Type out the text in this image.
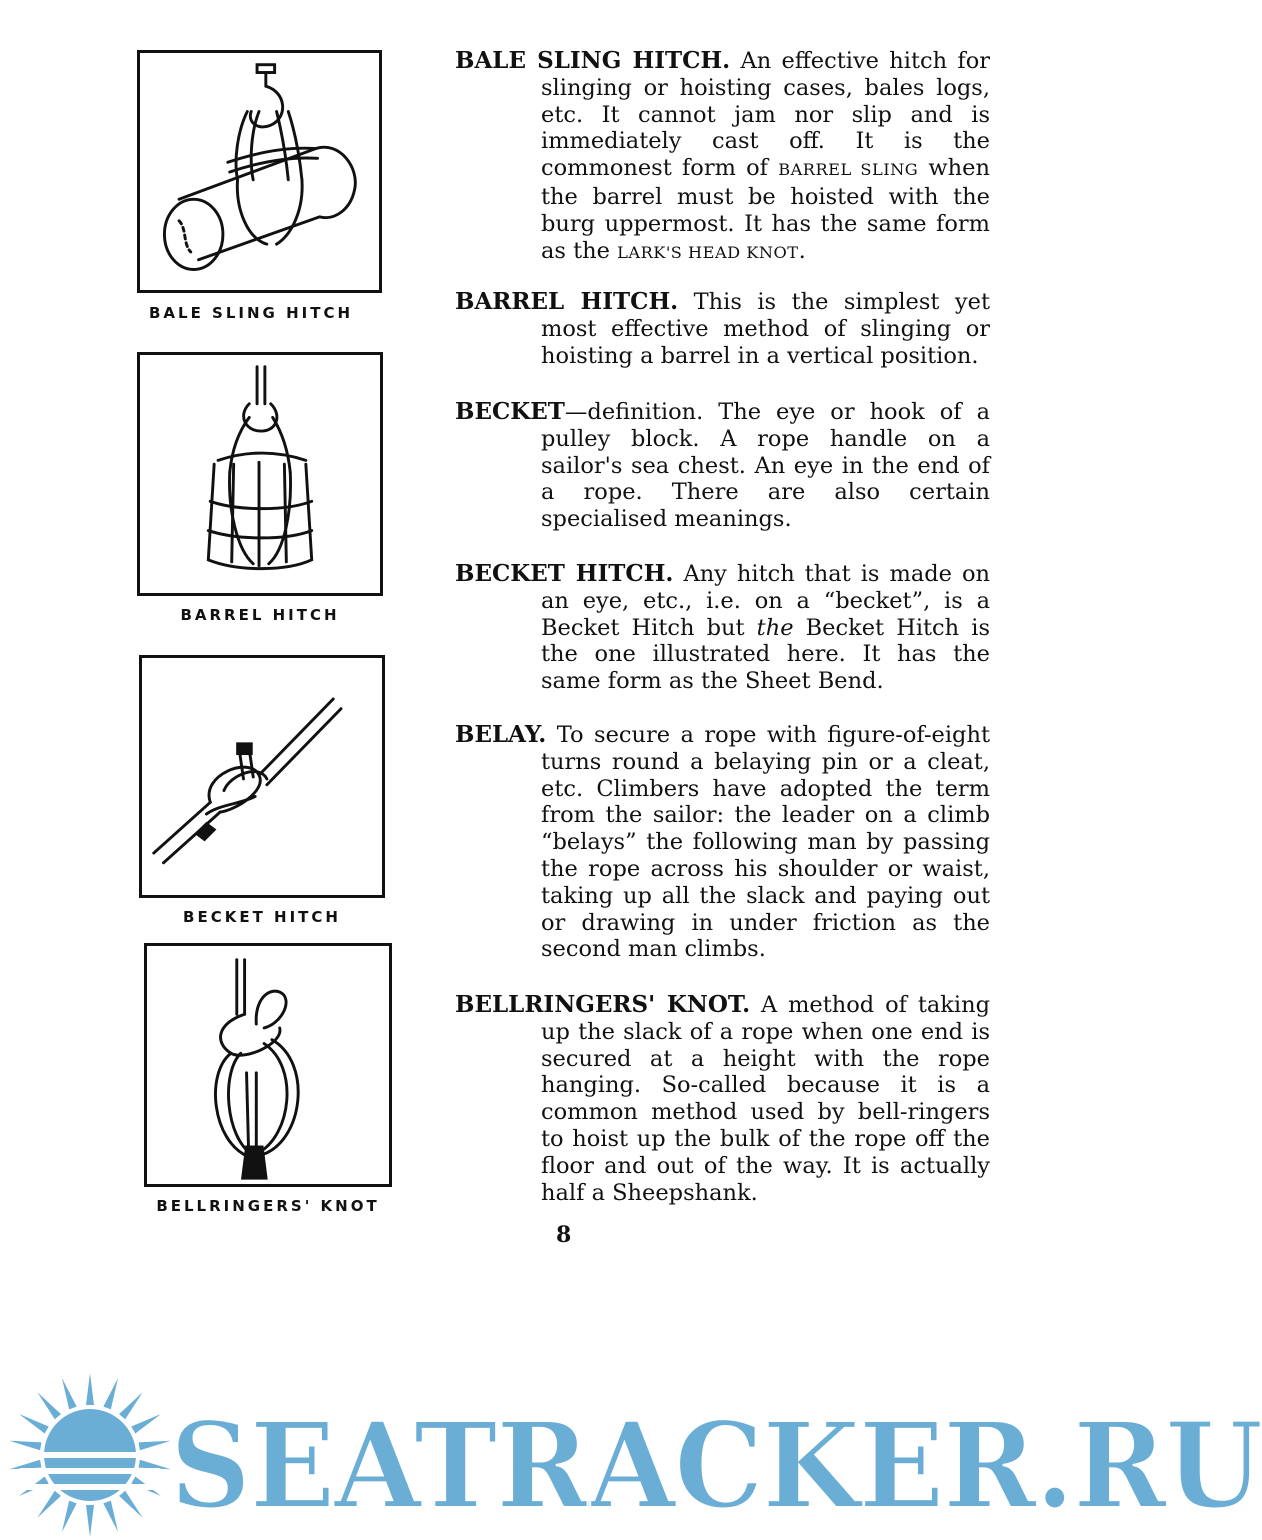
BALE SLING HITCH
BARREL HITCH
BECKET HITCH
BELLRINGERS' KNOT
BALE SLING HITCH. An effective hitch for slinging or hoisting cases, bales logs, etc. It cannot jam nor slip and is immediately cast off. It is the commonest form of BARREL SLING when the barrel must be hoisted with the burg uppermost. It has the same form as the LARK'S HEAD KNOT.
BARREL HITCH. This is the simplest yet most effective method of slinging or hoisting a barrel in a vertical position.
BECKET—definition. The eye or hook of a pulley block. A rope handle on a sailor's sea chest. An eye in the end of a rope. There are also certain specialised meanings.
BECKET HITCH. Any hitch that is made on an eye, etc., i.e. on a “becket”, is a Becket Hitch but the Becket Hitch is the one illustrated here. It has the same form as the Sheet Bend.
BELAY. To secure a rope with figure-of-eight turns round a belaying pin or a cleat, etc. Climbers have adopted the term from the sailor: the leader on a climb “belays” the following man by passing the rope across his shoulder or waist, taking up all the slack and paying out or drawing in under friction as the second man climbs.
BELLRINGERS' KNOT. A method of taking up the slack of a rope when one end is secured at a height with the rope hanging. So-called because it is a common method used by bell-ringers to hoist up the bulk of the rope off the floor and out of the way. It is actually half a Sheepshank.
8
SEATRACKER.RU
